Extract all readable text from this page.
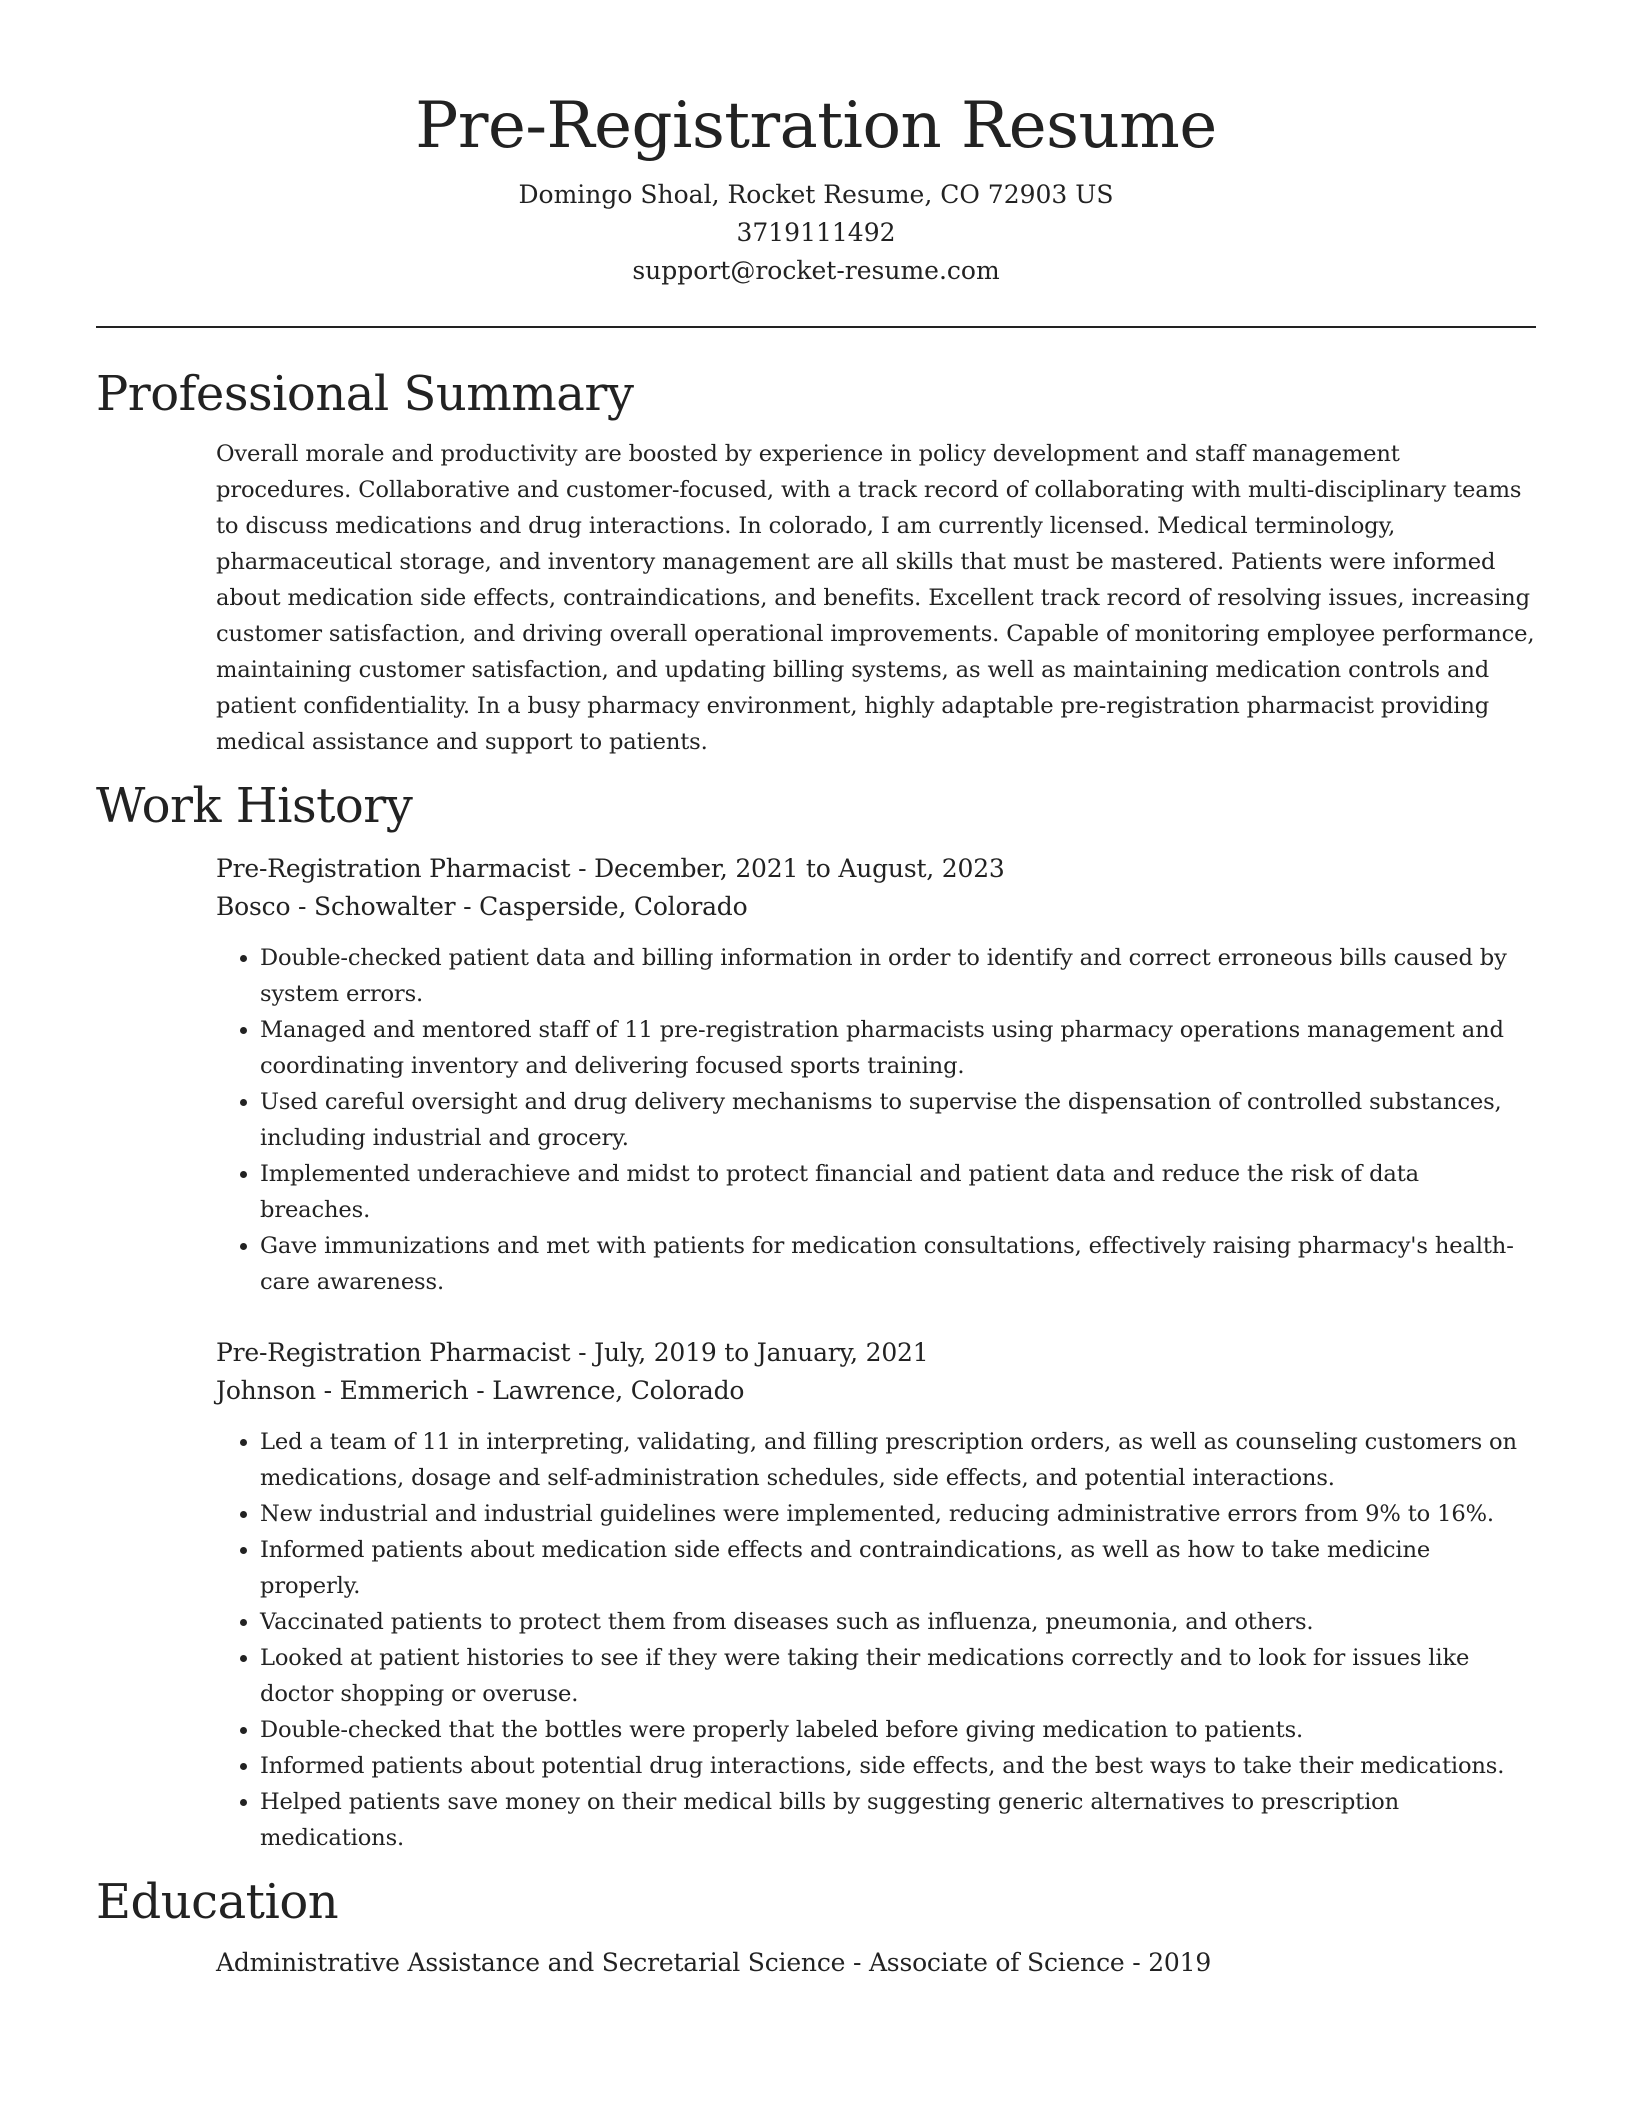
Pre-Registration Resume

Domingo Shoal, Rocket Resume, CO 72903 US

3719111492

support@rocket-resume.com

Professional Summary

Overall morale and productivity are boosted by experience in policy development and staff management procedures. Collaborative and customer-focused, with a track record of collaborating with multi-disciplinary teams to discuss medications and drug interactions. In colorado, I am currently licensed. Medical terminology, pharmaceutical storage, and inventory management are all skills that must be mastered. Patients were informed about medication side effects, contraindications, and benefits. Excellent track record of resolving issues, increasing customer satisfaction, and driving overall operational improvements. Capable of monitoring employee performance, maintaining customer satisfaction, and updating billing systems, as well as maintaining medication controls and patient confidentiality. In a busy pharmacy environment, highly adaptable pre-registration pharmacist providing medical assistance and support to patients.

Work History

Pre-Registration Pharmacist - December, 2021 to August, 2023

Bosco - Schowalter - Casperside, Colorado

• Double-checked patient data and billing information in order to identify and correct erroneous bills caused by system errors.
• Managed and mentored staff of 11 pre-registration pharmacists using pharmacy operations management and coordinating inventory and delivering focused sports training.
• Used careful oversight and drug delivery mechanisms to supervise the dispensation of controlled substances, including industrial and grocery.
• Implemented underachieve and midst to protect financial and patient data and reduce the risk of data breaches.
• Gave immunizations and met with patients for medication consultations, effectively raising pharmacy's health-care awareness.

Pre-Registration Pharmacist - July, 2019 to January, 2021

Johnson - Emmerich - Lawrence, Colorado

• Led a team of 11 in interpreting, validating, and filling prescription orders, as well as counseling customers on medications, dosage and self-administration schedules, side effects, and potential interactions.
• New industrial and industrial guidelines were implemented, reducing administrative errors from 9% to 16%.
• Informed patients about medication side effects and contraindications, as well as how to take medicine properly.
• Vaccinated patients to protect them from diseases such as influenza, pneumonia, and others.
• Looked at patient histories to see if they were taking their medications correctly and to look for issues like doctor shopping or overuse.
• Double-checked that the bottles were properly labeled before giving medication to patients.
• Informed patients about potential drug interactions, side effects, and the best ways to take their medications.
• Helped patients save money on their medical bills by suggesting generic alternatives to prescription medications.
Education

Administrative Assistance and Secretarial Science - Associate of Science - 2019
